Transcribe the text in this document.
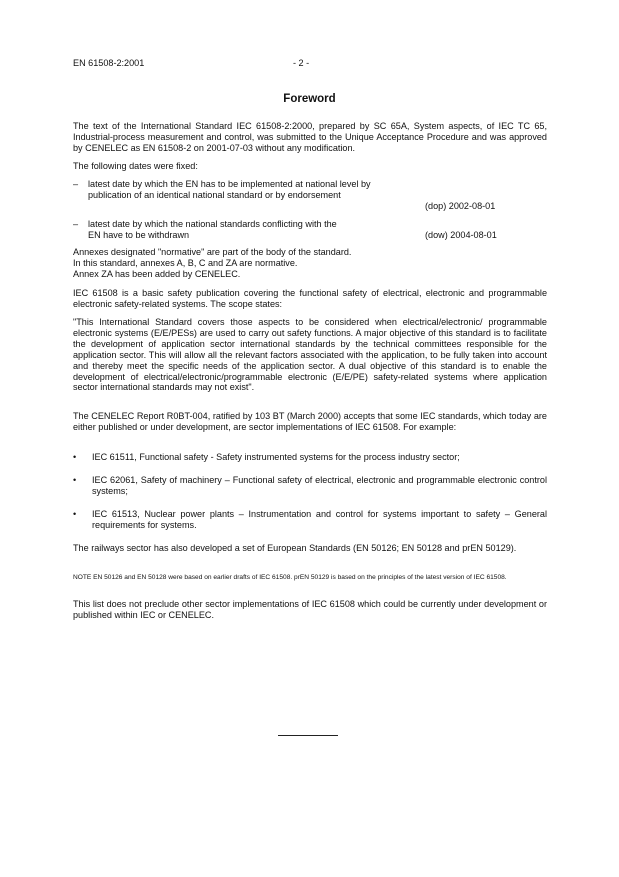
EN 61508-2:2001	- 2 -
Foreword

The text of the International Standard IEC 61508-2:2000, prepared by SC 65A, System aspects, of IEC TC 65, Industrial-process measurement and control, was submitted to the Unique Acceptance Procedure and was approved by CENELEC as EN 61508-2 on 2001-07-03 without any modification.

The following dates were fixed:

– latest date by which the EN has to be implemented at national level by publication of an identical national standard or by endorsement
(dop) 2002-08-01
– latest date by which the national standards conflicting with the EN have to be withdrawn	(dow) 2004-08-01
Annexes designated "normative" are part of the body of the standard.
In this standard, annexes A, B, C and ZA are normative.
Annex ZA has been added by CENELEC.

IEC 61508 is a basic safety publication covering the functional safety of electrical, electronic and programmable electronic safety-related systems. The scope states:

"This International Standard covers those aspects to be considered when electrical/electronic/ programmable electronic systems (E/E/PESs) are used to carry out safety functions. A major objective of this standard is to facilitate the development of application sector international standards by the technical committees responsible for the application sector. This will allow all the relevant factors associated with the application, to be fully taken into account and thereby meet the specific needs of the application sector. A dual objective of this standard is to enable the development of electrical/electronic/programmable electronic (E/E/PE) safety-related systems where application sector international standards may not exist".

The CENELEC Report R0BT-004, ratified by 103 BT (March 2000) accepts that some IEC standards, which today are either published or under development, are sector implementations of IEC 61508. For example:

• IEC 61511, Functional safety - Safety instrumented systems for the process industry sector;
• IEC 62061, Safety of machinery – Functional safety of electrical, electronic and programmable electronic control systems;
• IEC 61513, Nuclear power plants – Instrumentation and control for systems important to safety – General requirements for systems.

The railways sector has also developed a set of European Standards (EN 50126; EN 50128 and prEN 50129).

NOTE EN 50126 and EN 50128 were based on earlier drafts of IEC 61508. prEN 50129 is based on the principles of the latest version of IEC 61508.

This list does not preclude other sector implementations of IEC 61508 which could be currently under development or published within IEC or CENELEC.
